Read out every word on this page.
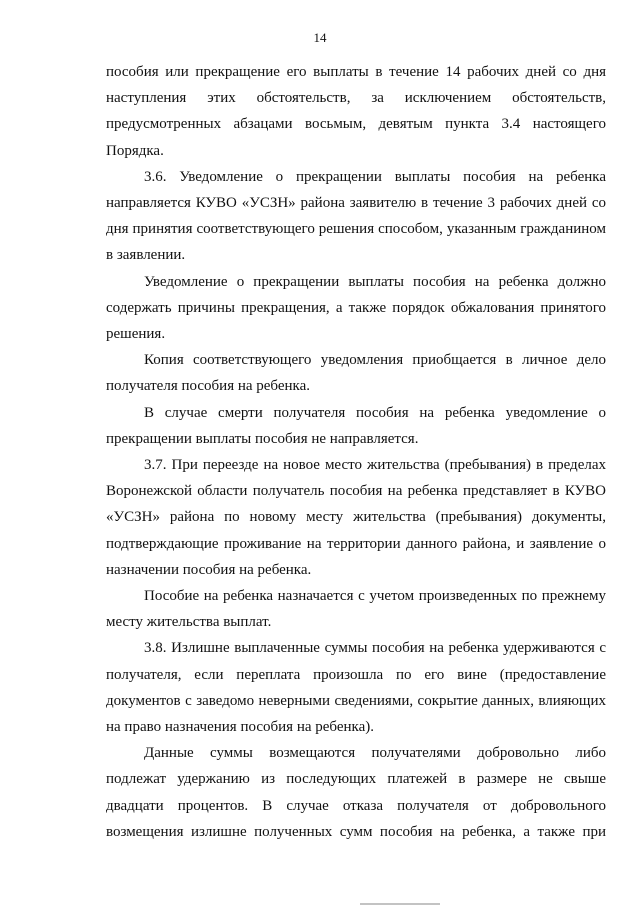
14

пособия или прекращение его выплаты в течение 14 рабочих дней со дня наступления этих обстоятельств, за исключением обстоятельств, предусмотренных абзацами восьмым, девятым пункта 3.4 настоящего Порядка.

3.6. Уведомление о прекращении выплаты пособия на ребенка направляется КУВО «УСЗН» района заявителю в течение 3 рабочих дней со дня принятия соответствующего решения способом, указанным гражданином в заявлении.

Уведомление о прекращении выплаты пособия на ребенка должно содержать причины прекращения, а также порядок обжалования принятого решения.

Копия соответствующего уведомления приобщается в личное дело получателя пособия на ребенка.

В случае смерти получателя пособия на ребенка уведомление о прекращении выплаты пособия не направляется.

3.7. При переезде на новое место жительства (пребывания) в пределах Воронежской области получатель пособия на ребенка представляет в КУВО «УСЗН» района по новому месту жительства (пребывания) документы, подтверждающие проживание на территории данного района, и заявление о назначении пособия на ребенка.

Пособие на ребенка назначается с учетом произведенных по прежнему месту жительства выплат.

3.8. Излишне выплаченные суммы пособия на ребенка удерживаются с получателя, если переплата произошла по его вине (предоставление документов с заведомо неверными сведениями, сокрытие данных, влияющих на право назначения пособия на ребенка).

Данные суммы возмещаются получателями добровольно либо подлежат удержанию из последующих платежей в размере не свыше двадцати процентов. В случае отказа получателя от добровольного возмещения излишне полученных сумм пособия на ребенка, а также при
